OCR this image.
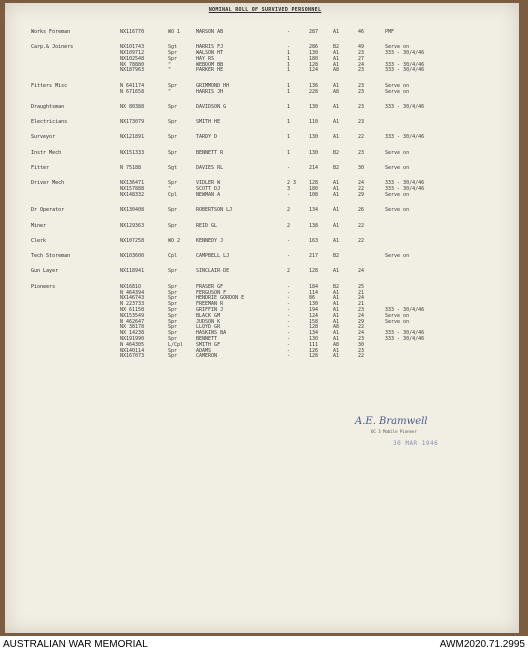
NOMINAL ROLL OF SURVIVED PERSONNEL
Works Foreman	NX116770	WO 1	MARSON AB	-	287	A1	46	PMF
Carp.& Joiners	NX101743	Sgt	HARRIS FJ	-	286	B2	49	Serve on
NX109712	Spr	WALSON HT	1	130	A1	23	333 - 30/4/46
NX102548	Spr	HAY RS	1	180	A1	27
NX 78880	"	WEBDOM BB	1	128	A1	24	333 - 30/4/46
NX187963	"	PARKER HE	1	124	A8	23	333 - 30/4/46
Fitters Misc	N 641174	Spr	GRIMMOND HH	1	136	A1	23	Serve on
N 671658	"	HARRIS JH	1	228	A8	23	Serve on
Draughtsman	NX 80388	Spr	DAVIDSON G	1	130	A1	23	333 - 30/4/46
Electricians	NX173079	Spr	SMITH HE	1	110	A1	23
Surveyor	NX121891	Spr	TARDY D	1	130	A1	22	333 - 30/4/46
Instr Mech	NX151333	Spr	BENNETT R	1	130	B2	23	Serve on
Fitter	N 75188	Sgt	DAVIES RL	-	214	B2	30	Serve on
Driver Mech	NX136471	Spr	VIDLER W	2 3	128	A1	24	333 - 30/4/46
NX157888	"	SCOTT DJ	3	180	A1	22	333 - 30/4/46
NX148332	Cpl	NEWMAN A	-	108	A1	29	Serve on
Dr Operator	NX130408	Spr	ROBERTSON LJ	2	134	A1	26	Serve on
Miner	NX129363	Spr	REID GL	2	138	A1	22
Clerk	NX107258	WO 2	KENNEDY J	-	163	A1	22
Tech Storeman	NX103600	Cpl	CAMPBELL LJ	-	217	B2	Serve on
Gun Layer	NX118941	Spr	SINCLAIR DE	2	128	A1	24
Pioneers	NX1681O	Spr	FRASER GF	-	184	B2	25
N 464394	Spr	FERGUSON F	-	114	A1	21
NX146743	Spr	HENDRIE GORDON E	-	86	A1	24
N 223733	Spr	FREEMAN R	-	130	A1	21
NX 61158	Spr	GRIFFIN J	-	194	A1	23	333 - 30/4/46
NX153549	Spr	BLACK GM	-	124	A1	24	Serve on
N 462647	Spr	JUDSON K	-	158	A1	29	Serve on
NX 38178	Spr	LLOYD GR	-	128	A8	22
NX 14238	Spr	HASKINS BA	-	134	A1	24	333 - 30/4/46
NX191990	Spr	BENNETT	-	130	A1	23	333 - 30/4/46
N 464305	L/Cpl	SMITH GF	-	111	A8	30
NX140114	Spr	ADAMS	-	126	A1	23
NX167073	Spr	CAMERON	-	128	A1	22
A.E. Bramwell
OC 3 Mobile Pioneer
30 MAR 1946
AUSTRALIAN WAR MEMORIAL	AWM2020.71.2995
